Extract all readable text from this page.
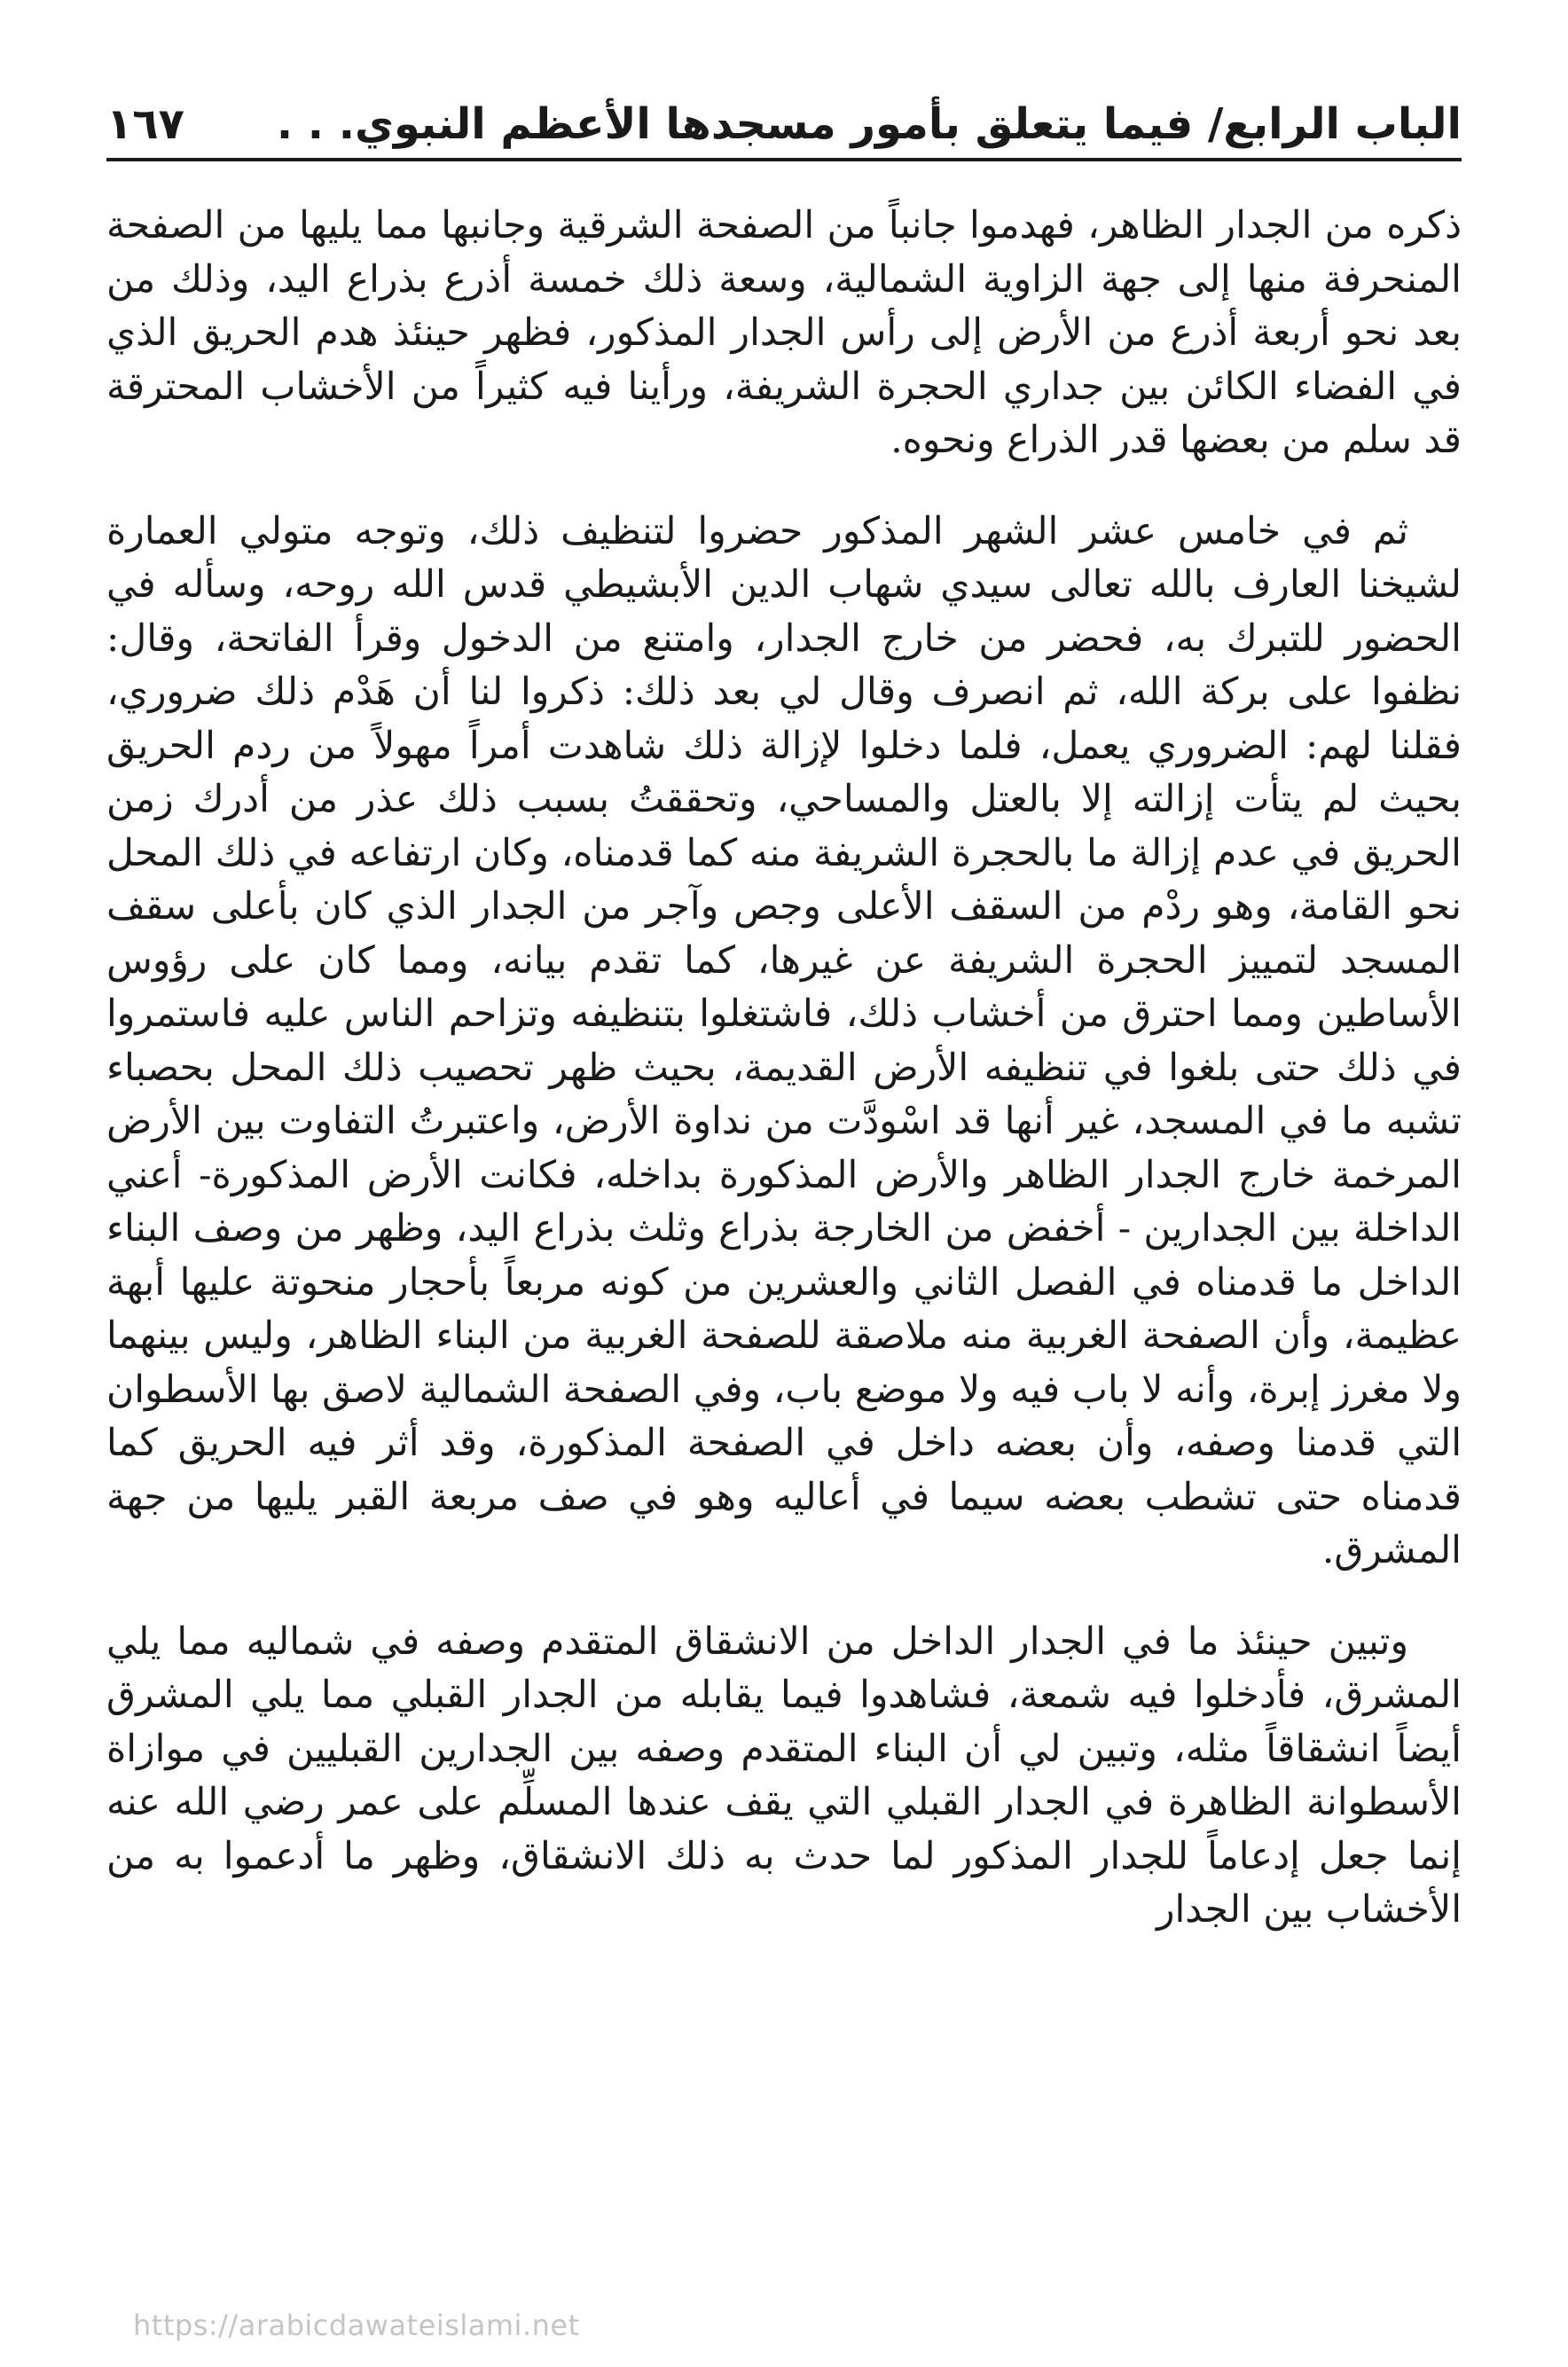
الباب الرابع/ فيما يتعلق بأمور مسجدها الأعظم النبوي. . .
١٦٧

ذكره من الجدار الظاهر، فهدموا جانباً من الصفحة الشرقية وجانبها مما يليها من الصفحة المنحرفة منها إلى جهة الزاوية الشمالية، وسعة ذلك خمسة أذرع بذراع اليد، وذلك من بعد نحو أربعة أذرع من الأرض إلى رأس الجدار المذكور، فظهر حينئذ هدم الحريق الذي في الفضاء الكائن بين جداري الحجرة الشريفة، ورأينا فيه كثيراً من الأخشاب المحترقة قد سلم من بعضها قدر الذراع ونحوه.

ثم في خامس عشر الشهر المذكور حضروا لتنظيف ذلك، وتوجه متولي العمارة لشيخنا العارف بالله تعالى سيدي شهاب الدين الأبشيطي قدس الله روحه، وسأله في الحضور للتبرك به، فحضر من خارج الجدار، وامتنع من الدخول وقرأ الفاتحة، وقال: نظفوا على بركة الله، ثم انصرف وقال لي بعد ذلك: ذكروا لنا أن هَدْم ذلك ضروري، فقلنا لهم: الضروري يعمل، فلما دخلوا لإزالة ذلك شاهدت أمراً مهولاً من ردم الحريق بحيث لم يتأت إزالته إلا بالعتل والمساحي، وتحققتُ بسبب ذلك عذر من أدرك زمن الحريق في عدم إزالة ما بالحجرة الشريفة منه كما قدمناه، وكان ارتفاعه في ذلك المحل نحو القامة، وهو ردْم من السقف الأعلى وجص وآجر من الجدار الذي كان بأعلى سقف المسجد لتمييز الحجرة الشريفة عن غيرها، كما تقدم بيانه، ومما كان على رؤوس الأساطين ومما احترق من أخشاب ذلك، فاشتغلوا بتنظيفه وتزاحم الناس عليه فاستمروا في ذلك حتى بلغوا في تنظيفه الأرض القديمة، بحيث ظهر تحصيب ذلك المحل بحصباء تشبه ما في المسجد، غير أنها قد اسْودَّت من نداوة الأرض، واعتبرتُ التفاوت بين الأرض المرخمة خارج الجدار الظاهر والأرض المذكورة بداخله، فكانت الأرض المذكورة- أعني الداخلة بين الجدارين - أخفض من الخارجة بذراع وثلث بذراع اليد، وظهر من وصف البناء الداخل ما قدمناه في الفصل الثاني والعشرين من كونه مربعاً بأحجار منحوتة عليها أبهة عظيمة، وأن الصفحة الغربية منه ملاصقة للصفحة الغربية من البناء الظاهر، وليس بينهما ولا مغرز إبرة، وأنه لا باب فيه ولا موضع باب، وفي الصفحة الشمالية لاصق بها الأسطوان التي قدمنا وصفه، وأن بعضه داخل في الصفحة المذكورة، وقد أثر فيه الحريق كما قدمناه حتى تشطب بعضه سيما في أعاليه وهو في صف مربعة القبر يليها من جهة المشرق.

وتبين حينئذ ما في الجدار الداخل من الانشقاق المتقدم وصفه في شماليه مما يلي المشرق، فأدخلوا فيه شمعة، فشاهدوا فيما يقابله من الجدار القبلي مما يلي المشرق أيضاً انشقاقاً مثله، وتبين لي أن البناء المتقدم وصفه بين الجدارين القبليين في موازاة الأسطوانة الظاهرة في الجدار القبلي التي يقف عندها المسلِّم على عمر رضي الله عنه إنما جعل إدعاماً للجدار المذكور لما حدث به ذلك الانشقاق، وظهر ما أدعموا به من الأخشاب بين الجدار

https://arabicdawateislami.net
